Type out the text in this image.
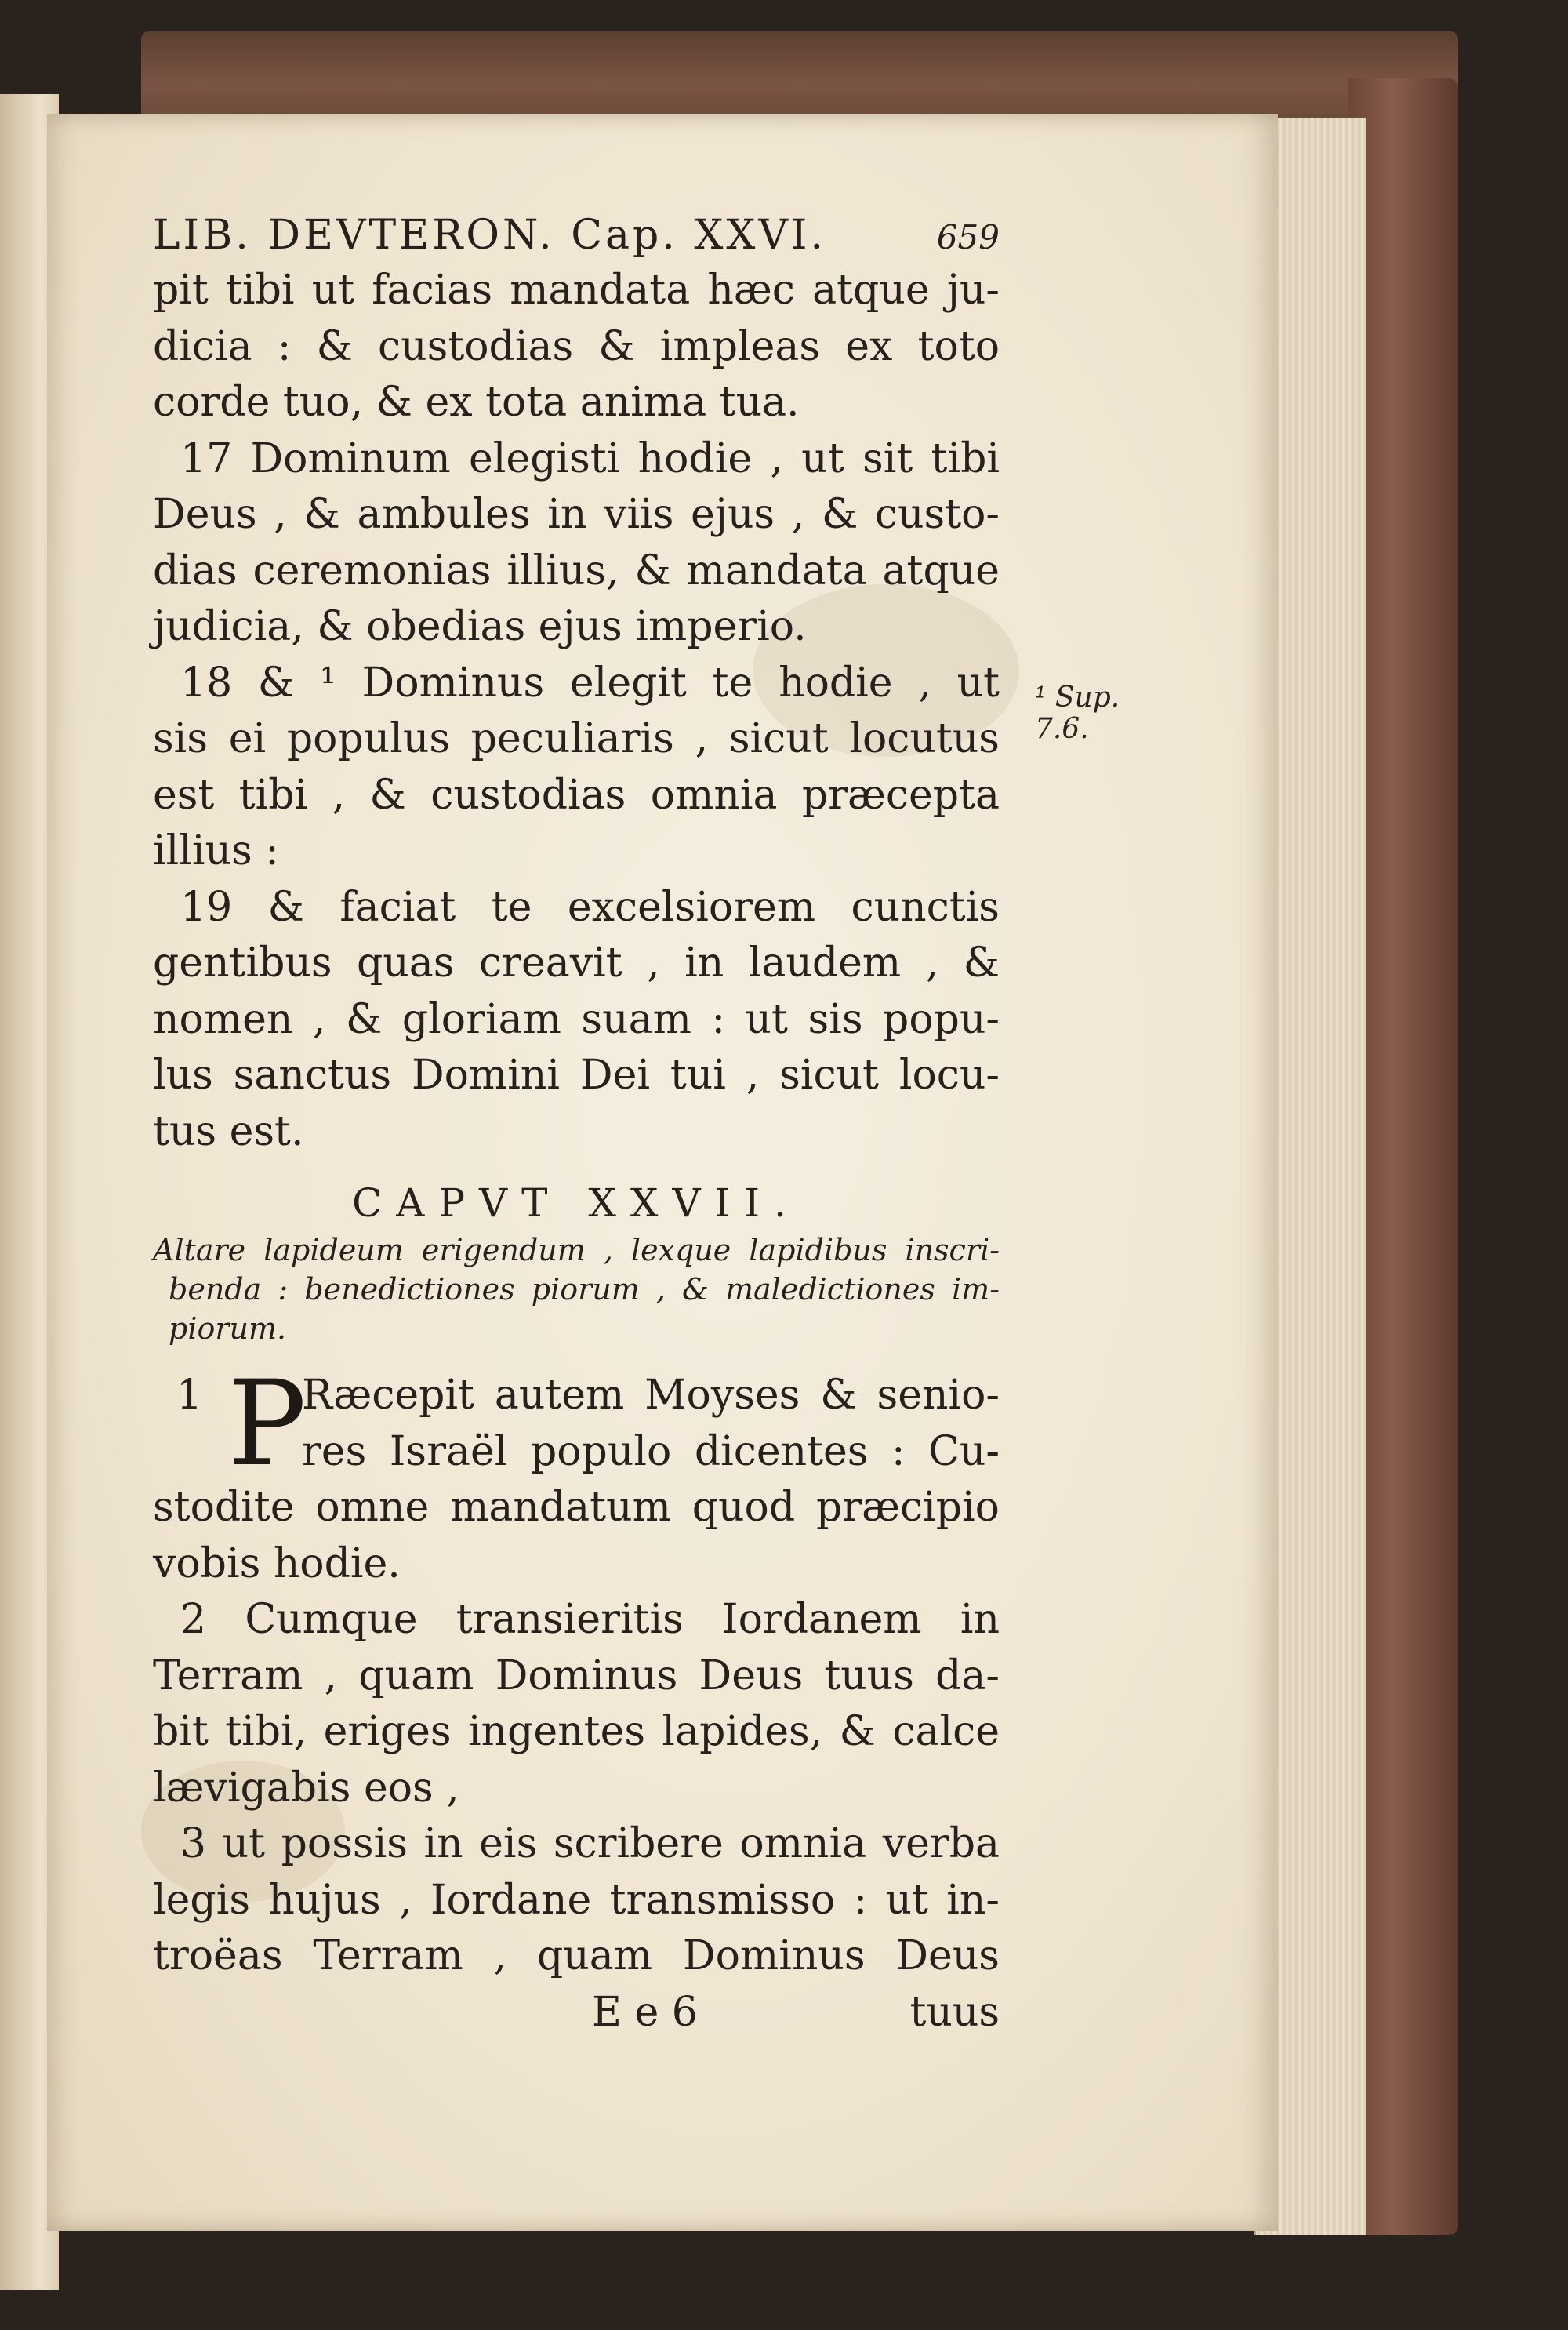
LIB. DEVTERON. Cap. XXVI.	659
pit tibi ut facias mandata hæc atque ju-
dicia : & custodias & impleas ex toto
corde tuo, & ex tota anima tua.
17 Dominum elegisti hodie , ut sit tibi
Deus , & ambules in viis ejus , & custo-
dias ceremonias illius, & mandata atque
judicia, & obedias ejus imperio.
18 & ¹ Dominus elegit te hodie , ut
sis ei populus peculiaris , sicut locutus
est tibi , & custodias omnia præcepta
illius :
19 & faciat te excelsiorem cunctis
gentibus quas creavit , in laudem , &
nomen , & gloriam suam : ut sis popu-
lus sanctus Domini Dei tui , sicut locu-
tus est.
CAPVT XXVII.
Altare lapideum erigendum , lexque lapidibus inscri-
benda : benedictiones piorum , & maledictiones im-
piorum.
1 P
Ræcepit autem Moyses & senio-
res Israël populo dicentes : Cu-
stodite omne mandatum quod præcipio
vobis hodie.
2 Cumque transieritis Iordanem in
Terram , quam Dominus Deus tuus da-
bit tibi, eriges ingentes lapides, & calce
lævigabis eos ,
3 ut possis in eis scribere omnia verba
legis hujus , Iordane transmisso : ut in-
troëas Terram , quam Dominus Deus
E e 6	tuus
¹ Sup.
7.6.
